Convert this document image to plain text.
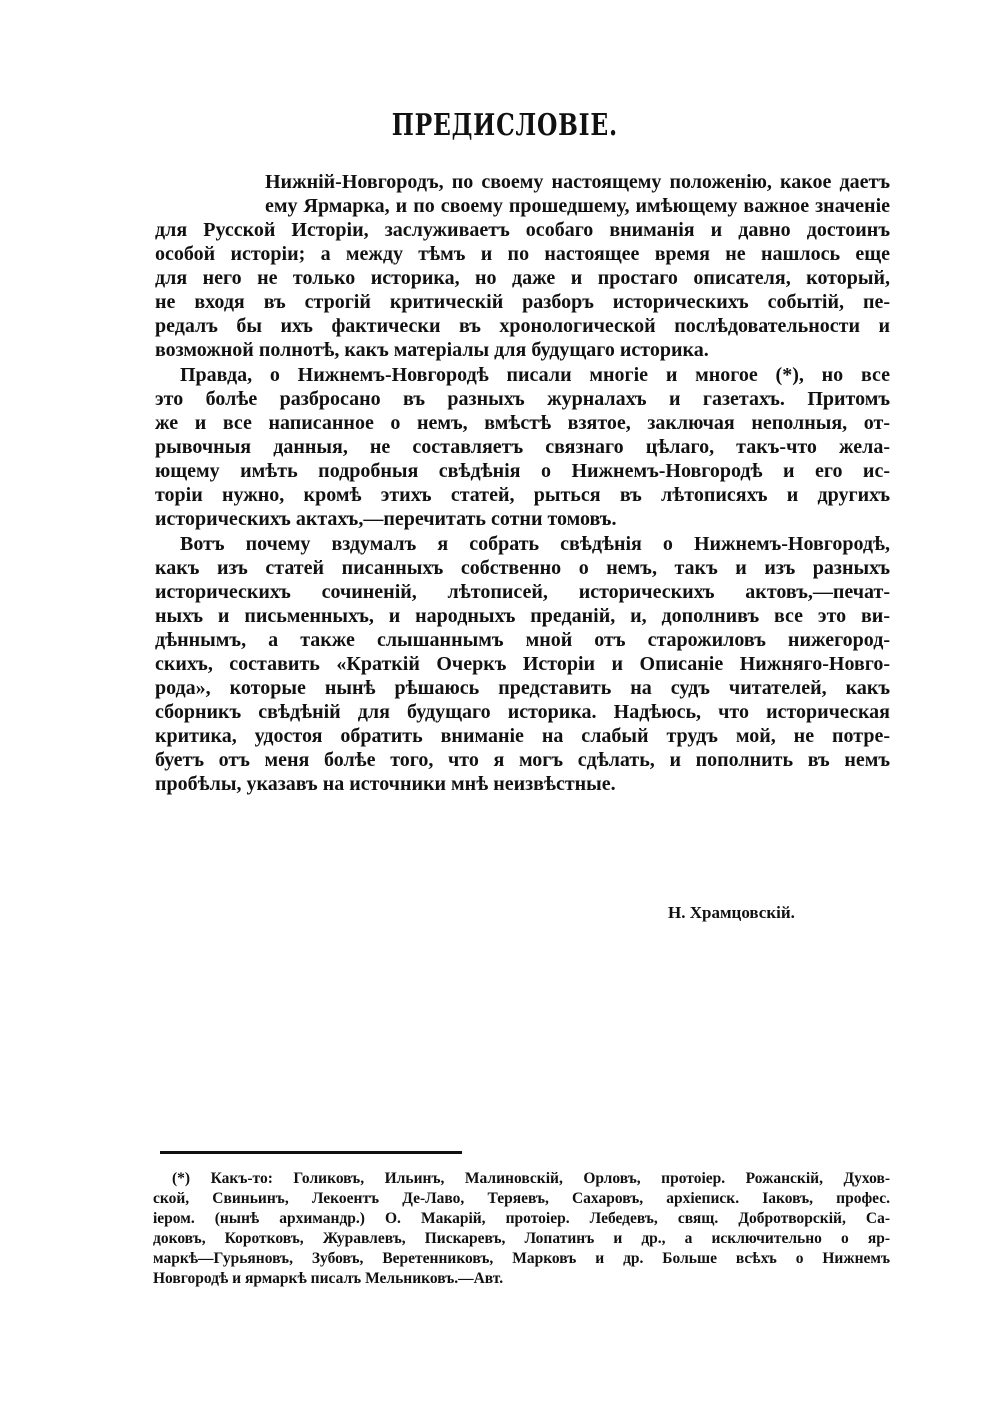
ПРЕДИСЛОВІЕ.
Нижній-Новгородъ, по своему настоящему положенію, какое даетъ
ему Ярмарка, и по своему прошедшему, имѣющему важное значеніе
для Русской Исторіи, заслуживаетъ особаго вниманія и давно достоинъ
особой исторіи; а между тѣмъ и по настоящее время не нашлось еще
для него не только историка, но даже и простаго описателя, который,
не входя въ строгій критическій разборъ историческихъ событій, пе-
редалъ бы ихъ фактически въ хронологической послѣдовательности и
возможной полнотѣ, какъ матеріалы для будущаго историка.
Правда, о Нижнемъ-Новгородѣ писали многіе и многое (*), но все
это болѣе разбросано въ разныхъ журналахъ и газетахъ. Притомъ
же и все написанное о немъ, вмѣстѣ взятое, заключая неполныя, от-
рывочныя данныя, не составляетъ связнаго цѣлаго, такъ-что жела-
ющему имѣть подробныя свѣдѣнія о Нижнемъ-Новгородѣ и его ис-
торіи нужно, кромѣ этихъ статей, рыться въ лѣтописяхъ и другихъ
историческихъ актахъ,—перечитать сотни томовъ.
Вотъ почему вздумалъ я собрать свѣдѣнія о Нижнемъ-Новгородѣ,
какъ изъ статей писанныхъ собственно о немъ, такъ и изъ разныхъ
историческихъ сочиненій, лѣтописей, историческихъ актовъ,—печат-
ныхъ и письменныхъ, и народныхъ преданій, и, дополнивъ все это ви-
дѣннымъ, а также слышаннымъ мной отъ старожиловъ нижегород-
скихъ, составить «Краткій Очеркъ Исторіи и Описаніе Нижняго-Новго-
рода», которые нынѣ рѣшаюсь представить на судъ читателей, какъ
сборникъ свѣдѣній для будущаго историка. Надѣюсь, что историческая
критика, удостоя обратить вниманіе на слабый трудъ мой, не потре-
буетъ отъ меня болѣе того, что я могъ сдѣлать, и пополнить въ немъ
пробѣлы, указавъ на источники мнѣ неизвѣстные.
Н. Храмцовскій.
(*) Какъ-то: Голиковъ, Ильинъ, Малиновскій, Орловъ, протоіер. Рожанскій, Духов-
ской, Свиньинъ, Лекоентъ Де-Лаво, Теряевъ, Сахаровъ, архіеписк. Іаковъ, профес.
іером. (нынѣ архимандр.) О. Макарій, протоіер. Лебедевъ, свящ. Добротворскій, Са-
доковъ, Коротковъ, Журавлевъ, Пискаревъ, Лопатинъ и др., а исключительно о яр-
маркѣ—Гурьяновъ, Зубовъ, Веретенниковъ, Марковъ и др. Больше всѣхъ о Нижнемъ
Новгородѣ и ярмаркѣ писалъ Мельниковъ.—Авт.
